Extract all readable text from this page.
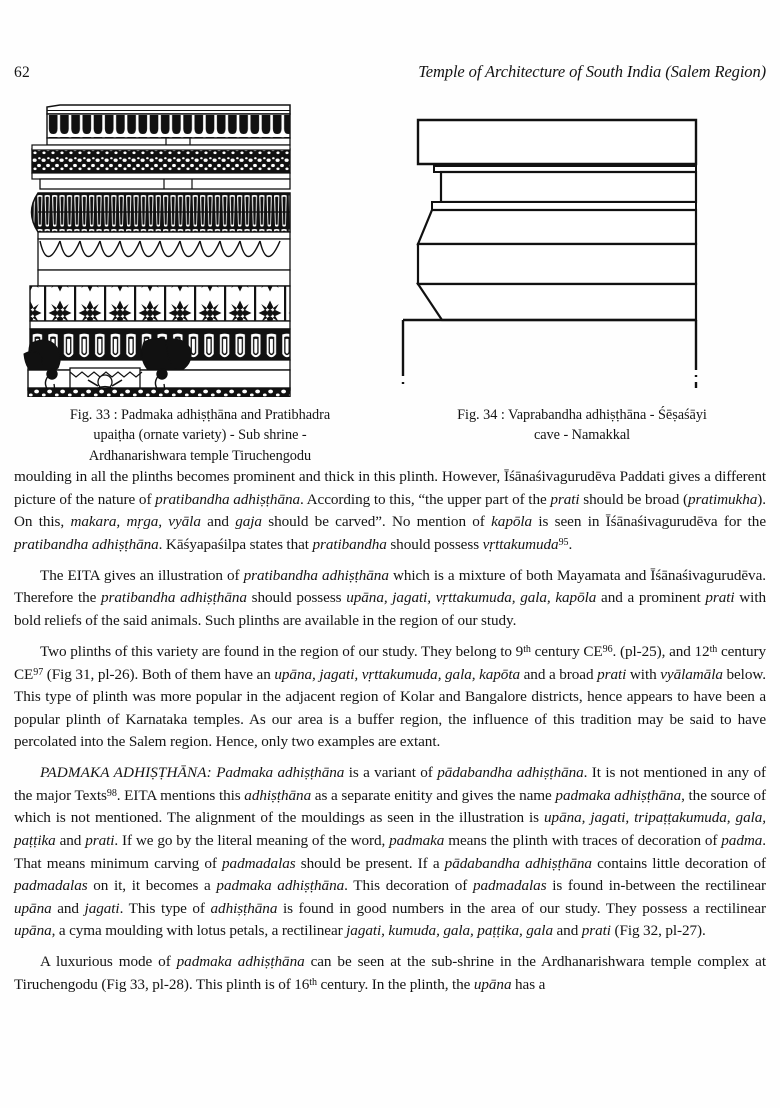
62	Temple of Architecture of South India (Salem Region)
Fig. 33 : Padmaka adhiṣṭhāna and Pratibhadra
upaiṭha (ornate variety) - Sub shrine -
Ardhanarishwara temple Tiruchengodu
Fig. 34 : Vaprabandha adhiṣṭhāna - Śēṣaśāyi
cave - Namakkal

moulding in all the plinths becomes prominent and thick in this plinth. However, Īśānaśivagurudēva Paddati gives a different picture of the nature of pratibandha adhiṣṭhāna. According to this, “the upper part of the prati should be broad (pratimukha). On this, makara, mṛga, vyāla and gaja should be carved”. No mention of kapōla is seen in Īśānaśivagurudēva for the pratibandha adhiṣṭhāna. Kāśyapaśilpa states that pratibandha should possess vṛttakumuda$^{95}$.

The EITA gives an illustration of pratibandha adhiṣṭhāna which is a mixture of both Mayamata and Īśānaśivagurudēva. Therefore the pratibandha adhiṣṭhāna should possess upāna, jagati, vṛttakumuda, gala, kapōla and a prominent prati with bold reliefs of the said animals. Such plinths are available in the region of our study.

Two plinths of this variety are found in the region of our study. They belong to 9th century CE$^{96}$. (pl-25), and 12th century CE$^{97}$ (Fig 31, pl-26). Both of them have an upāna, jagati, vṛttakumuda, gala, kapōta and a broad prati with vyālamāla below. This type of plinth was more popular in the adjacent region of Kolar and Bangalore districts, hence appears to have been a popular plinth of Karnataka temples. As our area is a buffer region, the influence of this tradition may be said to have percolated into the Salem region. Hence, only two examples are extant.

PADMAKA ADHIṢṬHĀNA: Padmaka adhiṣṭhāna is a variant of pādabandha adhiṣṭhāna. It is not mentioned in any of the major Texts$^{98}$. EITA mentions this adhiṣṭhāna as a separate enitity and gives the name padmaka adhiṣṭhāna, the source of which is not mentioned. The alignment of the mouldings as seen in the illustration is upāna, jagati, tripaṭṭakumuda, gala, paṭṭika and prati. If we go by the literal meaning of the word, padmaka means the plinth with traces of decoration of padma. That means minimum carving of padmadalas should be present. If a pādabandha adhiṣṭhāna contains little decoration of padmadalas on it, it becomes a padmaka adhiṣṭhāna. This decoration of padmadalas is found in-between the rectilinear upāna and jagati. This type of adhiṣṭhāna is found in good numbers in the area of our study. They possess a rectilinear upāna, a cyma moulding with lotus petals, a rectilinear jagati, kumuda, gala, paṭṭika, gala and prati (Fig 32, pl-27).

A luxurious mode of padmaka adhiṣṭhāna can be seen at the sub-shrine in the Ardhanarishwara temple complex at Tiruchengodu (Fig 33, pl-28). This plinth is of 16th century. In the plinth, the upāna has a
